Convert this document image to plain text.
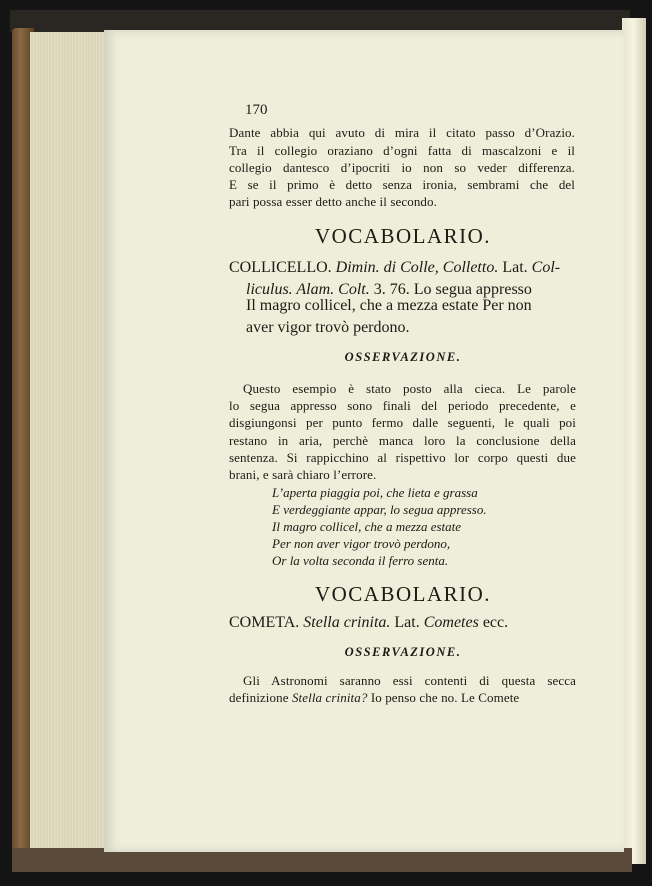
170
Dante abbia qui avuto di mira il citato passo d’Orazio.
Tra il collegio oraziano d’ogni fatta di mascalzoni e il
collegio dantesco d’ipocriti io non so veder differenza.
E se il primo è detto senza ironia, sembrami che del
pari possa esser detto anche il secondo.
VOCABOLARIO.
COLLICELLO. Dimin. di Colle, Colletto. Lat. Col-
liculus. Alam. Colt. 3. 76. Lo segua appresso
Il magro collicel, che a mezza estate Per non
aver vigor trovò perdono.
OSSERVAZIONE.
Questo esempio è stato posto alla cieca. Le parole
lo segua appresso sono finali del periodo precedente, e
disgiungonsi per punto fermo dalle seguenti, le quali poi
restano in aria, perchè manca loro la conclusione della
sentenza. Si rappicchino al rispettivo lor corpo questi due
brani, e sarà chiaro l’errore.
L’aperta piaggia poi, che lieta e grassa
E verdeggiante appar, lo segua appresso.
Il magro collicel, che a mezza estate
Per non aver vigor trovò perdono,
Or la volta seconda il ferro senta.
VOCABOLARIO.
COMETA. Stella crinita. Lat. Cometes ecc.
OSSERVAZIONE.
Gli Astronomi saranno essi contenti di questa secca
definizione Stella crinita? Io penso che no. Le Comete
